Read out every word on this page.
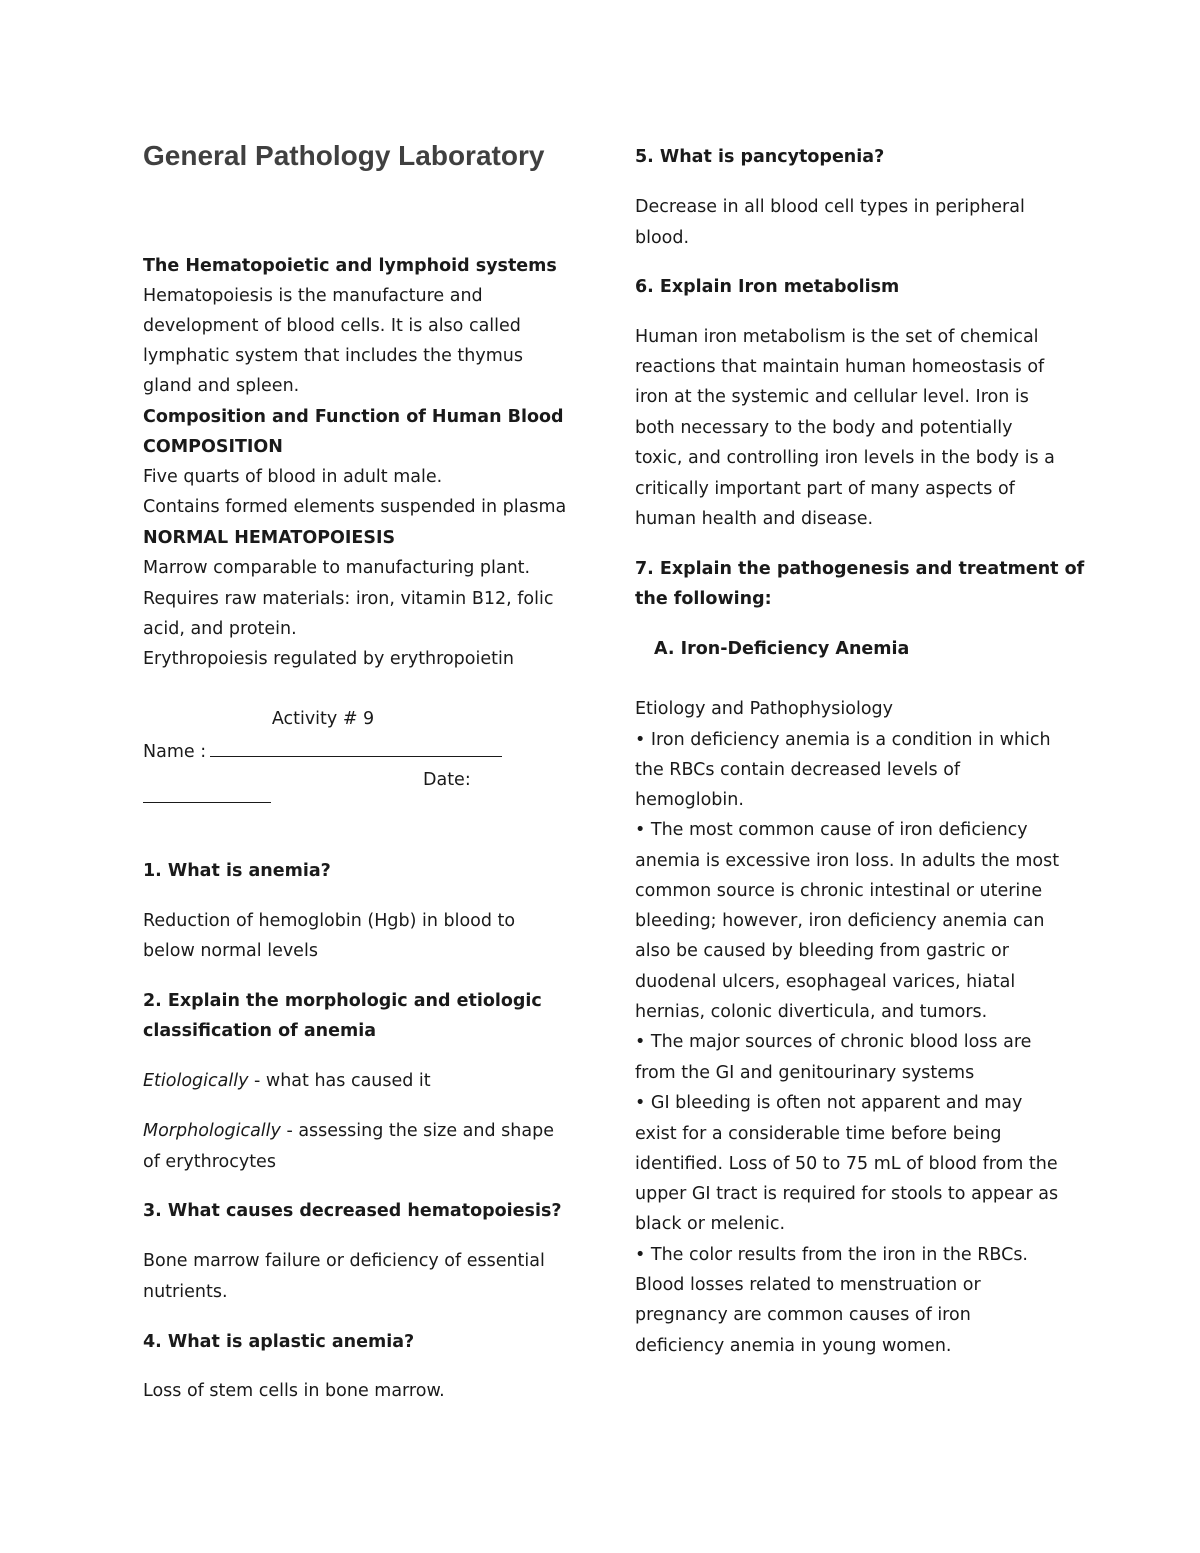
General Pathology Laboratory

The Hematopoietic and lymphoid systems

Hematopoiesis is the manufacture and

development of blood cells. It is also called

lymphatic system that includes the thymus

gland and spleen.

Composition and Function of Human Blood

COMPOSITION

Five quarts of blood in adult male.

Contains formed elements suspended in plasma

NORMAL HEMATOPOIESIS

Marrow comparable to manufacturing plant.

Requires raw materials: iron, vitamin B12, folic

acid, and protein.

Erythropoiesis regulated by erythropoietin

Activity # 9

Name :

Date:

1. What is anemia?

Reduction of hemoglobin (Hgb) in blood to

below normal levels

2. Explain the morphologic and etiologic

classification of anemia

Etiologically - what has caused it

Morphologically - assessing the size and shape

of erythrocytes

3. What causes decreased hematopoiesis?

Bone marrow failure or deficiency of essential

nutrients.

4. What is aplastic anemia?

Loss of stem cells in bone marrow.

5. What is pancytopenia?

Decrease in all blood cell types in peripheral

blood.

6. Explain Iron metabolism

Human iron metabolism is the set of chemical

reactions that maintain human homeostasis of

iron at the systemic and cellular level. Iron is

both necessary to the body and potentially

toxic, and controlling iron levels in the body is a

critically important part of many aspects of

human health and disease.

7. Explain the pathogenesis and treatment of

the following:

A. Iron-Deficiency Anemia

Etiology and Pathophysiology

• Iron deficiency anemia is a condition in which

the RBCs contain decreased levels of

hemoglobin.

• The most common cause of iron deficiency

anemia is excessive iron loss. In adults the most

common source is chronic intestinal or uterine

bleeding; however, iron deficiency anemia can

also be caused by bleeding from gastric or

duodenal ulcers, esophageal varices, hiatal

hernias, colonic diverticula, and tumors.

• The major sources of chronic blood loss are

from the GI and genitourinary systems

• GI bleeding is often not apparent and may

exist for a considerable time before being

identified. Loss of 50 to 75 mL of blood from the

upper GI tract is required for stools to appear as

black or melenic.

• The color results from the iron in the RBCs.

Blood losses related to menstruation or

pregnancy are common causes of iron

deficiency anemia in young women.
